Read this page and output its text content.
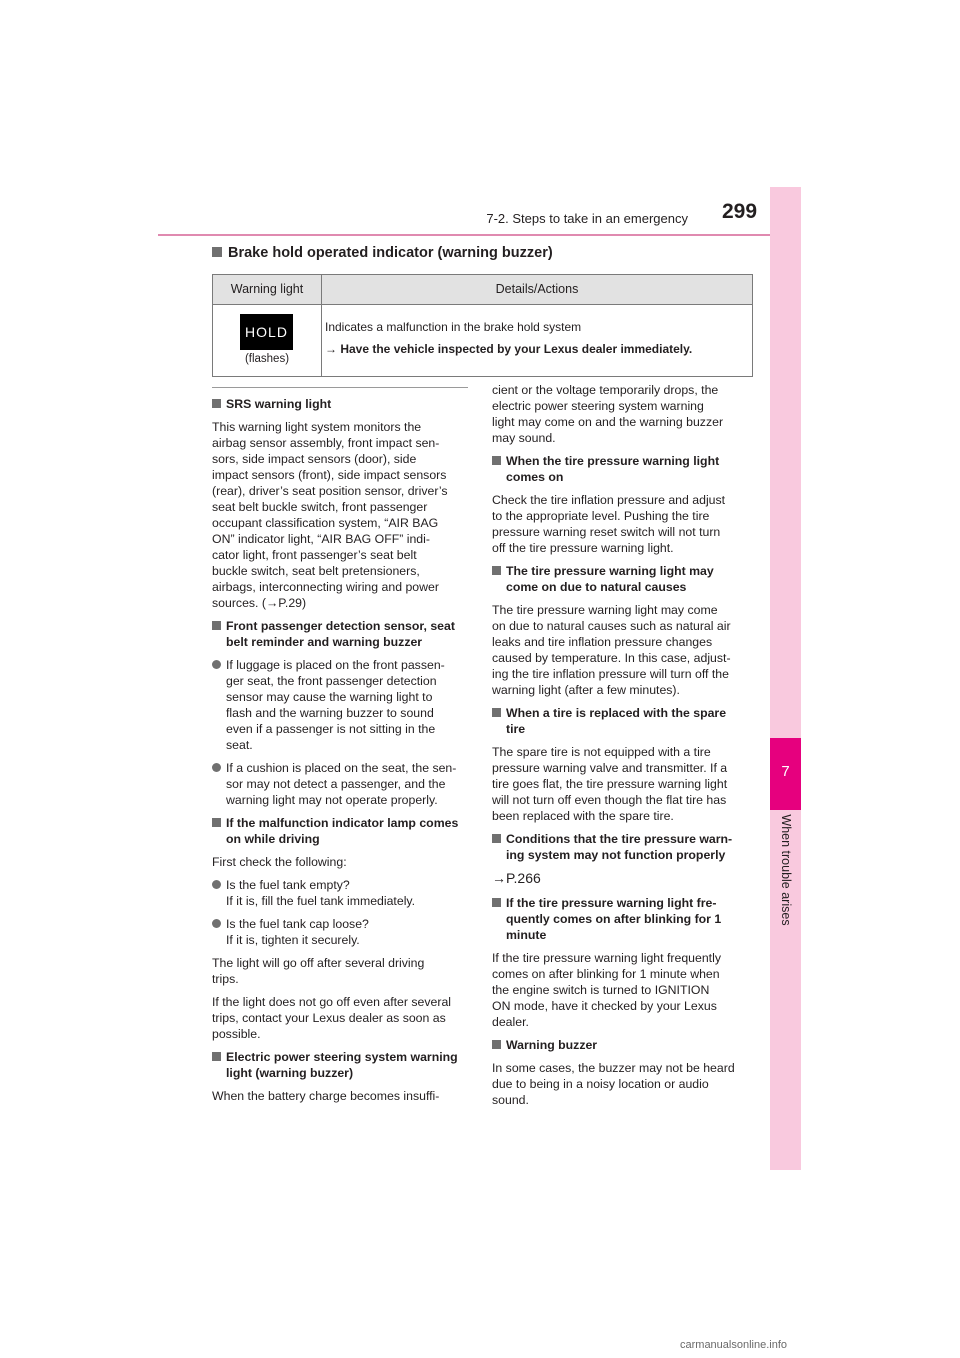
299
7-2. Steps to take in an emergency
7
When trouble arises
Brake hold operated indicator (warning buzzer)
Warning light	Details/Actions
HOLD
(flashes)
Indicates a malfunction in the brake hold system
→ Have the vehicle inspected by your Lexus dealer immediately.

SRS warning light

This warning light system monitors the
airbag sensor assembly, front impact sen-
sors, side impact sensors (door), side
impact sensors (front), side impact sensors
(rear), driver’s seat position sensor, driver’s
seat belt buckle switch, front passenger
occupant classification system, “AIR BAG
ON” indicator light, “AIR BAG OFF” indi-
cator light, front passenger’s seat belt
buckle switch, seat belt pretensioners,
airbags, interconnecting wiring and power
sources. (→P.29)

Front passenger detection sensor, seat
belt reminder and warning buzzer

If luggage is placed on the front passen-
ger seat, the front passenger detection
sensor may cause the warning light to
flash and the warning buzzer to sound
even if a passenger is not sitting in the
seat.

If a cushion is placed on the seat, the sen-
sor may not detect a passenger, and the
warning light may not operate properly.

If the malfunction indicator lamp comes
on while driving

First check the following:

Is the fuel tank empty?
If it is, fill the fuel tank immediately.

Is the fuel tank cap loose?
If it is, tighten it securely.

The light will go off after several driving
trips.

If the light does not go off even after several
trips, contact your Lexus dealer as soon as
possible.

Electric power steering system warning
light (warning buzzer)

When the battery charge becomes insuffi-

cient or the voltage temporarily drops, the
electric power steering system warning
light may come on and the warning buzzer
may sound.

When the tire pressure warning light
comes on

Check the tire inflation pressure and adjust
to the appropriate level. Pushing the tire
pressure warning reset switch will not turn
off the tire pressure warning light.

The tire pressure warning light may
come on due to natural causes

The tire pressure warning light may come
on due to natural causes such as natural air
leaks and tire inflation pressure changes
caused by temperature. In this case, adjust-
ing the tire inflation pressure will turn off the
warning light (after a few minutes).

When a tire is replaced with the spare
tire

The spare tire is not equipped with a tire
pressure warning valve and transmitter. If a
tire goes flat, the tire pressure warning light
will not turn off even though the flat tire has
been replaced with the spare tire.

Conditions that the tire pressure warn-
ing system may not function properly

→P.266

If the tire pressure warning light fre-
quently comes on after blinking for 1
minute

If the tire pressure warning light frequently
comes on after blinking for 1 minute when
the engine switch is turned to IGNITION
ON mode, have it checked by your Lexus
dealer.

Warning buzzer

In some cases, the buzzer may not be heard
due to being in a noisy location or audio
sound.

carmanualsonline.info
